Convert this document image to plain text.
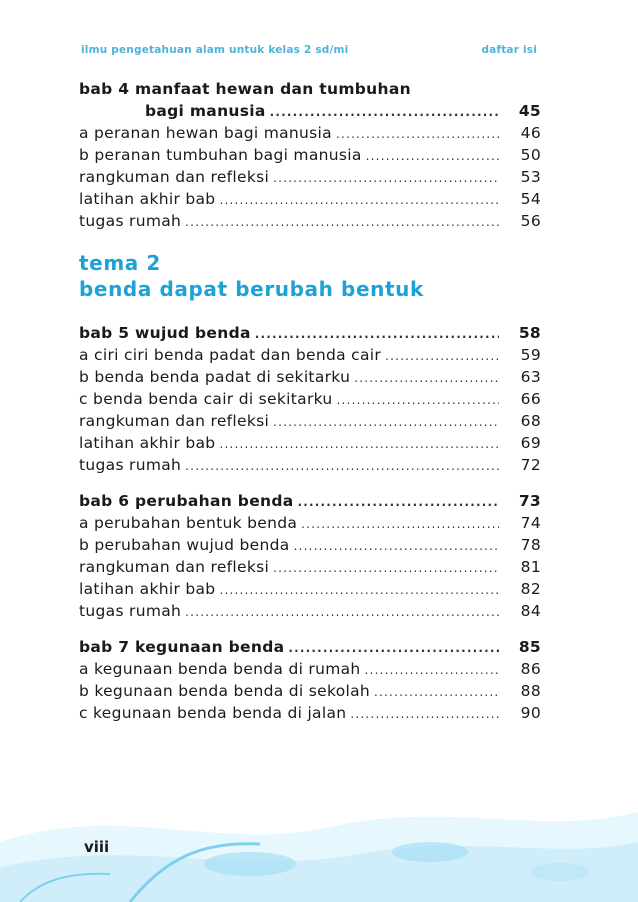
ilmu pengetahuan alam untuk kelas 2 sd/mi	daftar isi
bab 4 manfaat hewan dan tumbuhan
bagi manusia .....	45
a peranan hewan bagi manusia .....	46
b peranan tumbuhan bagi manusia .....	50
rangkuman dan refleksi .....	53
latihan akhir bab .....	54
tugas rumah .....	56
tema 2
benda dapat berubah bentuk
bab 5 wujud benda .....	58
a ciri ciri benda padat dan benda cair .....	59
b benda benda padat di sekitarku .....	63
c benda benda cair di sekitarku .....	66
rangkuman dan refleksi .....	68
latihan akhir bab .....	69
tugas rumah .....	72
bab 6 perubahan benda .....	73
a perubahan bentuk benda .....	74
b perubahan wujud benda .....	78
rangkuman dan refleksi .....	81
latihan akhir bab .....	82
tugas rumah .....	84
bab 7 kegunaan benda .....	85
a kegunaan benda benda di rumah .....	86
b kegunaan benda benda di sekolah .....	88
c kegunaan benda benda di jalan .....	90
viii
